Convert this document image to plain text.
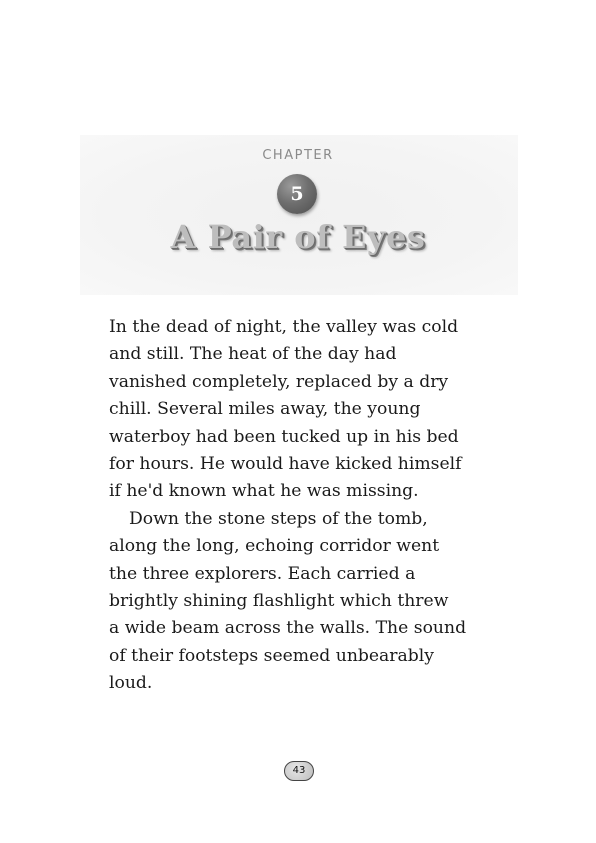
CHAPTER
5
A Pair of Eyes
In the dead of night, the valley was cold
and still. The heat of the day had
vanished completely, replaced by a dry
chill. Several miles away, the young
waterboy had been tucked up in his bed
for hours. He would have kicked himself
if he'd known what he was missing.
Down the stone steps of the tomb,
along the long, echoing corridor went
the three explorers. Each carried a
brightly shining flashlight which threw
a wide beam across the walls. The sound
of their footsteps seemed unbearably
loud.
43
